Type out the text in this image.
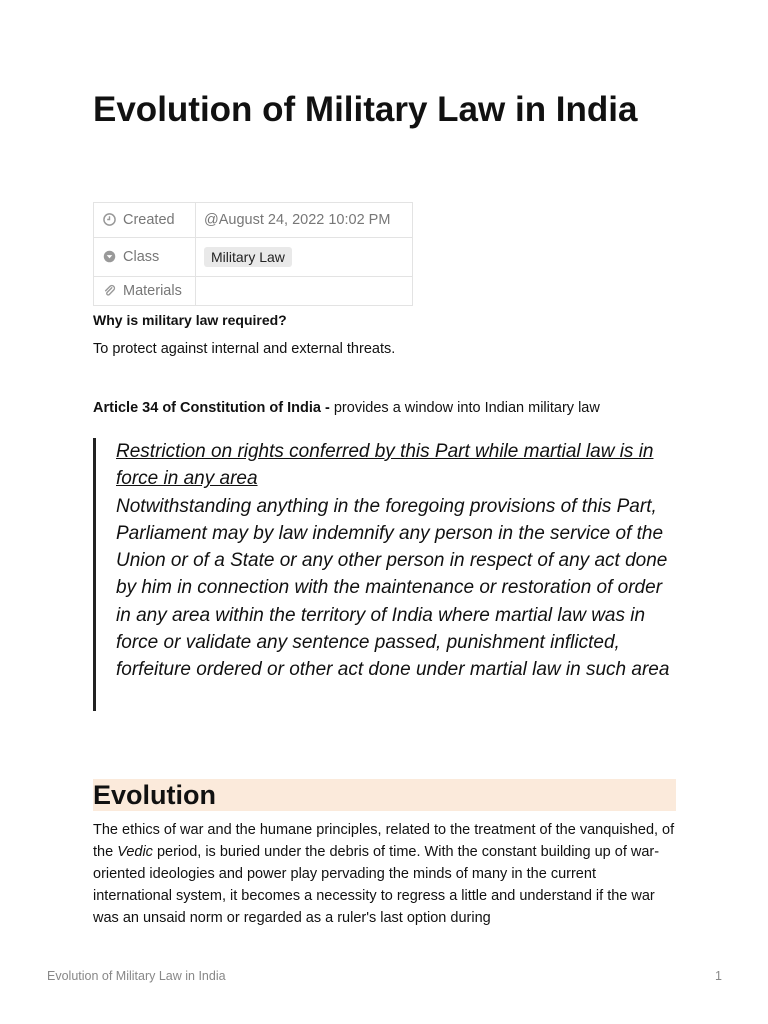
Evolution of Military Law in India
Created	@August 24, 2022 10:02 PM
Class	Military Law
Materials	

Why is military law required?

To protect against internal and external threats.

Article 34 of Constitution of India - provides a window into Indian military law

Restriction on rights conferred by this Part while martial law is in force in any area
Notwithstanding anything in the foregoing provisions of this Part, Parliament may by law indemnify any person in the service of the Union or of a State or any other person in respect of any act done by him in connection with the maintenance or restoration of order in any area within the territory of India where martial law was in force or validate any sentence passed, punishment inflicted, forfeiture ordered or other act done under martial law in such area
Evolution

The ethics of war and the humane principles, related to the treatment of the vanquished, of the Vedic period, is buried under the debris of time. With the constant building up of war-oriented ideologies and power play pervading the minds of many in the current international system, it becomes a necessity to regress a little and understand if the war was an unsaid norm or regarded as a ruler's last option during

Evolution of Military Law in India	1
